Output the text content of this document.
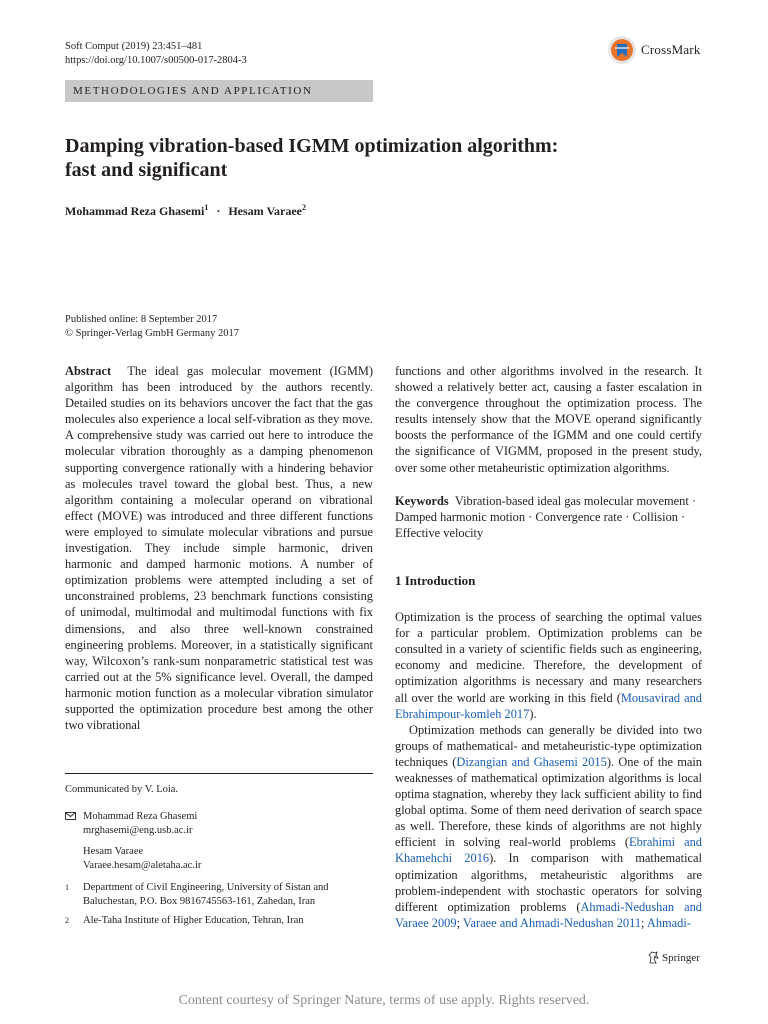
Soft Comput (2019) 23:451–481
https://doi.org/10.1007/s00500-017-2804-3
CrossMark
METHODOLOGIES AND APPLICATION
Damping vibration-based IGMM optimization algorithm:
fast and significant
Mohammad Reza Ghasemi$^1$ · Hesam Varaee$^2$
Published online: 8 September 2017
© Springer-Verlag GmbH Germany 2017

Abstract The ideal gas molecular movement (IGMM) algorithm has been introduced by the authors recently. Detailed studies on its behaviors uncover the fact that the gas molecules also experience a local self-vibration as they move. A comprehensive study was carried out here to introduce the molecular vibration thoroughly as a damping phenomenon supporting convergence rationally with a hindering behavior as molecules travel toward the global best. Thus, a new algorithm containing a molecular operand on vibrational effect (MOVE) was introduced and three different functions were employed to simulate molecular vibrations and pursue investigation. They include simple harmonic, driven harmonic and damped harmonic motions. A number of optimization problems were attempted including a set of unconstrained problems, 23 benchmark functions consisting of unimodal, multimodal and multimodal functions with fix dimensions, and also three well-known constrained engineering problems. Moreover, in a statistically significant way, Wilcoxon’s rank-sum nonparametric statistical test was carried out at the 5% significance level. Overall, the damped harmonic motion function as a molecular vibration simulator supported the optimization procedure best among the other two vibrational

functions and other algorithms involved in the research. It showed a relatively better act, causing a faster escalation in the convergence throughout the optimization process. The results intensely show that the MOVE operand significantly boosts the performance of the IGMM and one could certify the significance of VIGMM, proposed in the present study, over some other metaheuristic optimization algorithms.

Keywords Vibration-based ideal gas molecular movement · Damped harmonic motion · Convergence rate · Collision · Effective velocity

1 Introduction

Optimization is the process of searching the optimal values for a particular problem. Optimization problems can be consulted in a variety of scientific fields such as engineering, economy and medicine. Therefore, the development of optimization algorithms is necessary and many researchers all over the world are working in this field (Mousavirad and Ebrahimpour-komleh 2017).

Optimization methods can generally be divided into two groups of mathematical- and metaheuristic-type optimization techniques (Dizangian and Ghasemi 2015). One of the main weaknesses of mathematical optimization algorithms is local optima stagnation, whereby they lack sufficient ability to find global optima. Some of them need derivation of search space as well. Therefore, these kinds of algorithms are not highly efficient in solving real-world problems (Ebrahimi and Khamehchi 2016). In comparison with mathematical optimization algorithms, metaheuristic algorithms are problem-independent with stochastic operators for solving different optimization problems (Ahmadi-Nedushan and Varaee 2009; Varaee and Ahmadi-Nedushan 2011; Ahmadi-

Communicated by V. Loia.
Mohammad Reza Ghasemi
mrghasemi@eng.usb.ac.ir
Hesam Varaee
Varaee.hesam@aletaha.ac.ir
1 Department of Civil Engineering, University of Sistan and Baluchestan, P.O. Box 9816745563-161, Zahedan, Iran
2 Ale-Taha Institute of Higher Education, Tehran, Iran
Springer
Content courtesy of Springer Nature, terms of use apply. Rights reserved.
